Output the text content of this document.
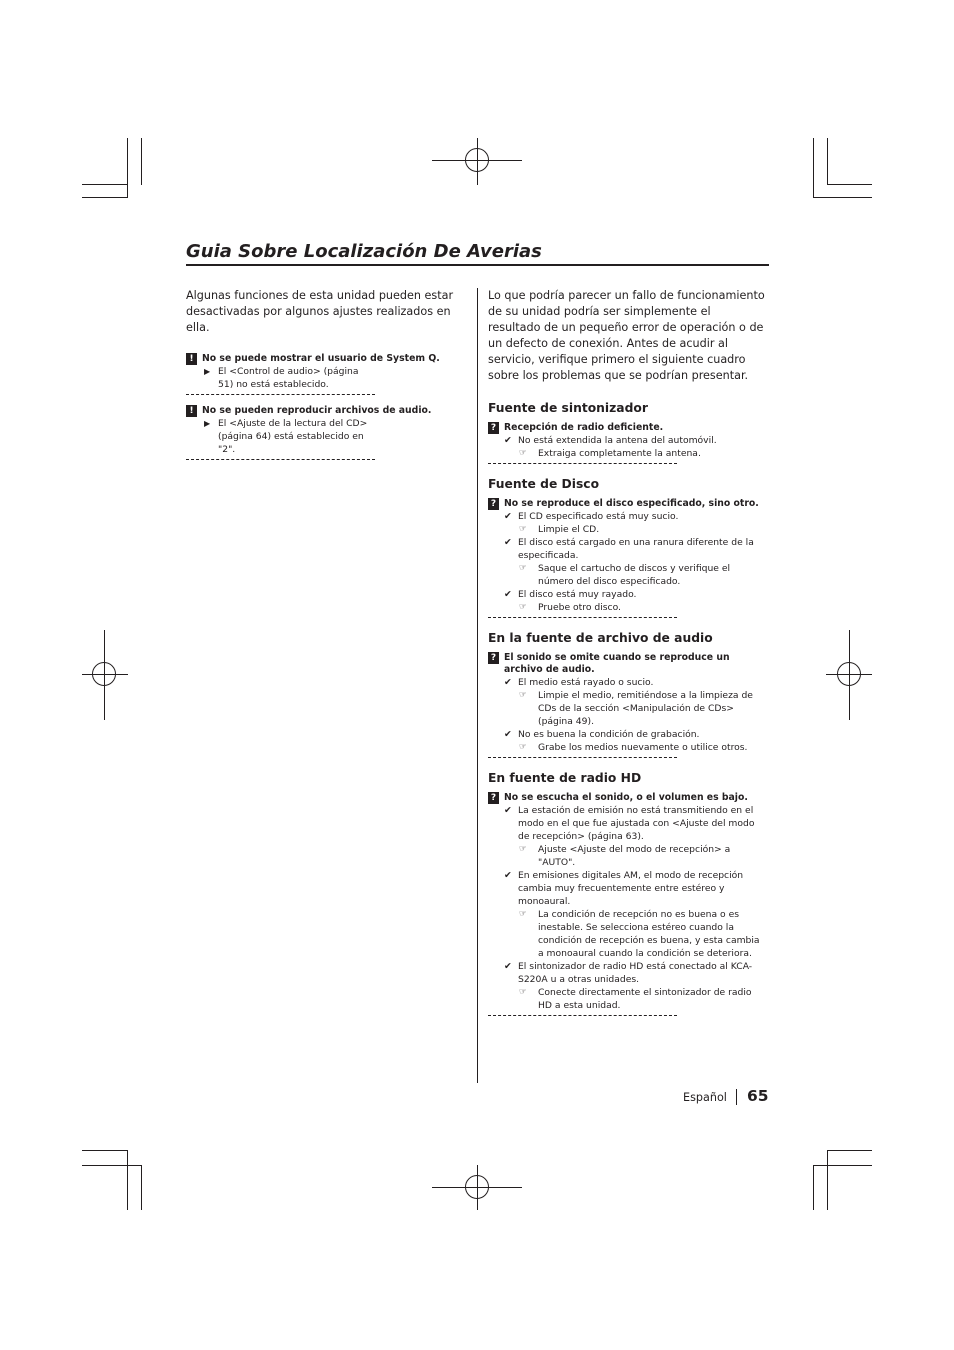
Guia Sobre Localización De Averias

Algunas funciones de esta unidad pueden estar desactivadas por algunos ajustes realizados en ella.

! No se puede mostrar el usuario de System Q.
▶ El <Control de audio> (página 51) no está establecido.
! No se pueden reproducir archivos de audio.
▶ El <Ajuste de la lectura del CD> (página 64) está establecido en "2".

Lo que podría parecer un fallo de funcionamiento de su unidad podría ser simplemente el resultado de un pequeño error de operación o de un defecto de conexión. Antes de acudir al servicio, verifique primero el siguiente cuadro sobre los problemas que se podrían presentar.

Fuente de sintonizador
? Recepción de radio deficiente.
✔ No está extendida la antena del automóvil.
☞	Extraiga completamente la antena.
Fuente de Disco
? No se reproduce el disco especificado, sino otro.
✔ El CD especificado está muy sucio.
☞	Limpie el CD.
✔ El disco está cargado en una ranura diferente de la especificada.
☞	Saque el cartucho de discos y verifique el número del disco especificado.
✔ El disco está muy rayado.
☞	Pruebe otro disco.
En la fuente de archivo de audio
? El sonido se omite cuando se reproduce un archivo de audio.
✔ El medio está rayado o sucio.
☞	Limpie el medio, remitiéndose a la limpieza de CDs de la sección <Manipulación de CDs> (página 49).
✔ No es buena la condición de grabación.
☞	Grabe los medios nuevamente o utilice otros.
En fuente de radio HD
? No se escucha el sonido, o el volumen es bajo.
✔ La estación de emisión no está transmitiendo en el modo en el que fue ajustada con <Ajuste del modo de recepción> (página 63).
☞	Ajuste <Ajuste del modo de recepción> a "AUTO".
✔ En emisiones digitales AM, el modo de recepción cambia muy frecuentemente entre estéreo y monoaural.
☞	La condición de recepción no es buena o es inestable. Se selecciona estéreo cuando la condición de recepción es buena, y esta cambia a monoaural cuando la condición se deteriora.
✔ El sintonizador de radio HD está conectado al KCA-S220A u a otras unidades.
☞	Conecte directamente el sintonizador de radio HD a esta unidad.
Español 65
